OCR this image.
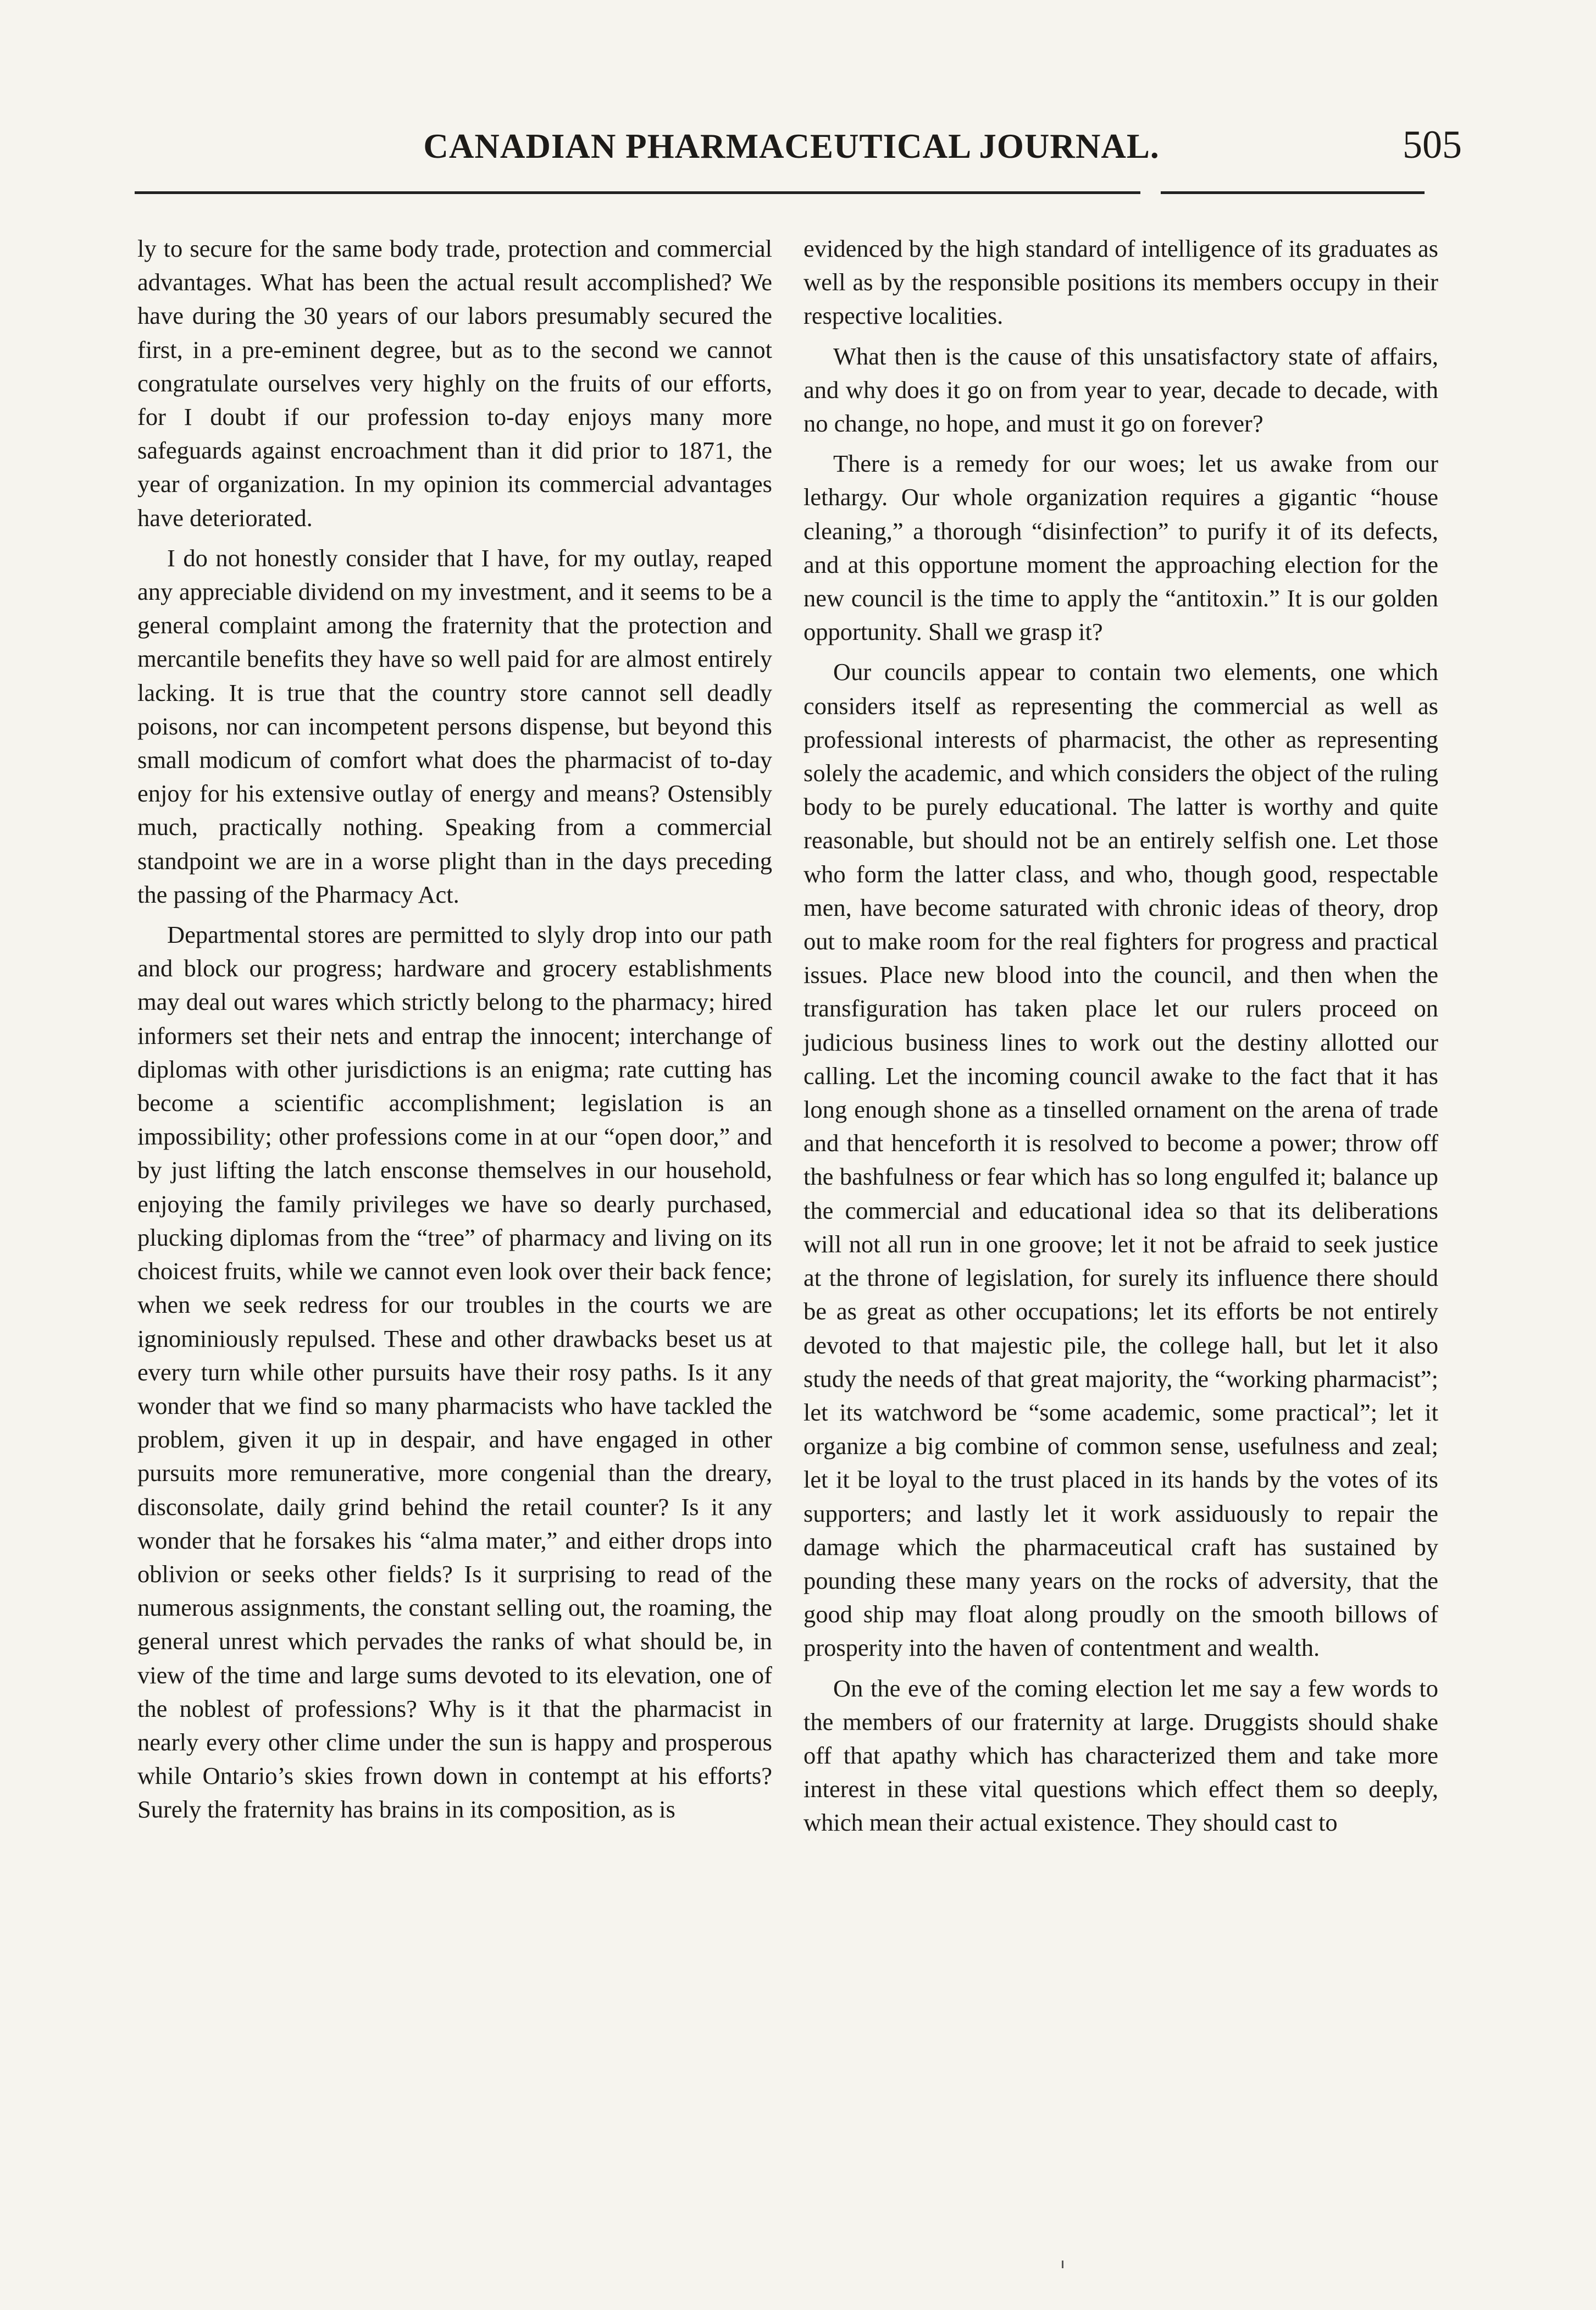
CANADIAN PHARMACEUTICAL JOURNAL.	505

ly to secure for the same body trade, protection and commercial advantages. What has been the actual result accomplished? We have during the 30 years of our labors presumably secured the first, in a pre-eminent degree, but as to the second we cannot congratulate ourselves very highly on the fruits of our efforts, for I doubt if our profession to-day enjoys many more safeguards against encroachment than it did prior to 1871, the year of organization. In my opinion its commercial advantages have deteriorated.

I do not honestly consider that I have, for my outlay, reaped any appreciable dividend on my investment, and it seems to be a general complaint among the fraternity that the protection and mercantile benefits they have so well paid for are almost entirely lacking. It is true that the country store cannot sell deadly poisons, nor can incompetent persons dispense, but beyond this small modicum of comfort what does the pharmacist of to-day enjoy for his extensive outlay of energy and means? Ostensibly much, practically nothing. Speaking from a commercial standpoint we are in a worse plight than in the days preceding the passing of the Pharmacy Act.

Departmental stores are permitted to slyly drop into our path and block our progress; hardware and grocery establishments may deal out wares which strictly belong to the pharmacy; hired informers set their nets and entrap the innocent; interchange of diplomas with other jurisdictions is an enigma; rate cutting has become a scientific accomplishment; legislation is an impossibility; other professions come in at our “open door,” and by just lifting the latch ensconse themselves in our household, enjoying the family privileges we have so dearly purchased, plucking diplomas from the “tree” of pharmacy and living on its choicest fruits, while we cannot even look over their back fence; when we seek redress for our troubles in the courts we are ignominiously repulsed. These and other drawbacks beset us at every turn while other pursuits have their rosy paths. Is it any wonder that we find so many pharmacists who have tackled the problem, given it up in despair, and have engaged in other pursuits more remunerative, more congenial than the dreary, disconsolate, daily grind behind the retail counter? Is it any wonder that he forsakes his “alma mater,” and either drops into oblivion or seeks other fields? Is it surprising to read of the numerous assignments, the constant selling out, the roaming, the general unrest which pervades the ranks of what should be, in view of the time and large sums devoted to its elevation, one of the noblest of professions? Why is it that the pharmacist in nearly every other clime under the sun is happy and prosperous while Ontario’s skies frown down in contempt at his efforts? Surely the fraternity has brains in its composition, as is

evidenced by the high standard of intelligence of its graduates as well as by the responsible positions its members occupy in their respective localities.

What then is the cause of this unsatisfactory state of affairs, and why does it go on from year to year, decade to decade, with no change, no hope, and must it go on forever?

There is a remedy for our woes; let us awake from our lethargy. Our whole organization requires a gigantic “house cleaning,” a thorough “disinfection” to purify it of its defects, and at this opportune moment the approaching election for the new council is the time to apply the “antitoxin.” It is our golden opportunity. Shall we grasp it?

Our councils appear to contain two elements, one which considers itself as representing the commercial as well as professional interests of pharmacist, the other as representing solely the academic, and which considers the object of the ruling body to be purely educational. The latter is worthy and quite reasonable, but should not be an entirely selfish one. Let those who form the latter class, and who, though good, respectable men, have become saturated with chronic ideas of theory, drop out to make room for the real fighters for progress and practical issues. Place new blood into the council, and then when the transfiguration has taken place let our rulers proceed on judicious business lines to work out the destiny allotted our calling. Let the incoming council awake to the fact that it has long enough shone as a tinselled ornament on the arena of trade and that henceforth it is resolved to become a power; throw off the bashfulness or fear which has so long engulfed it; balance up the commercial and educational idea so that its deliberations will not all run in one groove; let it not be afraid to seek justice at the throne of legislation, for surely its influence there should be as great as other occupations; let its efforts be not entirely devoted to that majestic pile, the college hall, but let it also study the needs of that great majority, the “working pharmacist”; let its watchword be “some academic, some practical”; let it organize a big combine of common sense, usefulness and zeal; let it be loyal to the trust placed in its hands by the votes of its supporters; and lastly let it work assiduously to repair the damage which the pharmaceutical craft has sustained by pounding these many years on the rocks of adversity, that the good ship may float along proudly on the smooth billows of prosperity into the haven of contentment and wealth.

On the eve of the coming election let me say a few words to the members of our fraternity at large. Druggists should shake off that apathy which has characterized them and take more interest in these vital questions which effect them so deeply, which mean their actual existence. They should cast to
